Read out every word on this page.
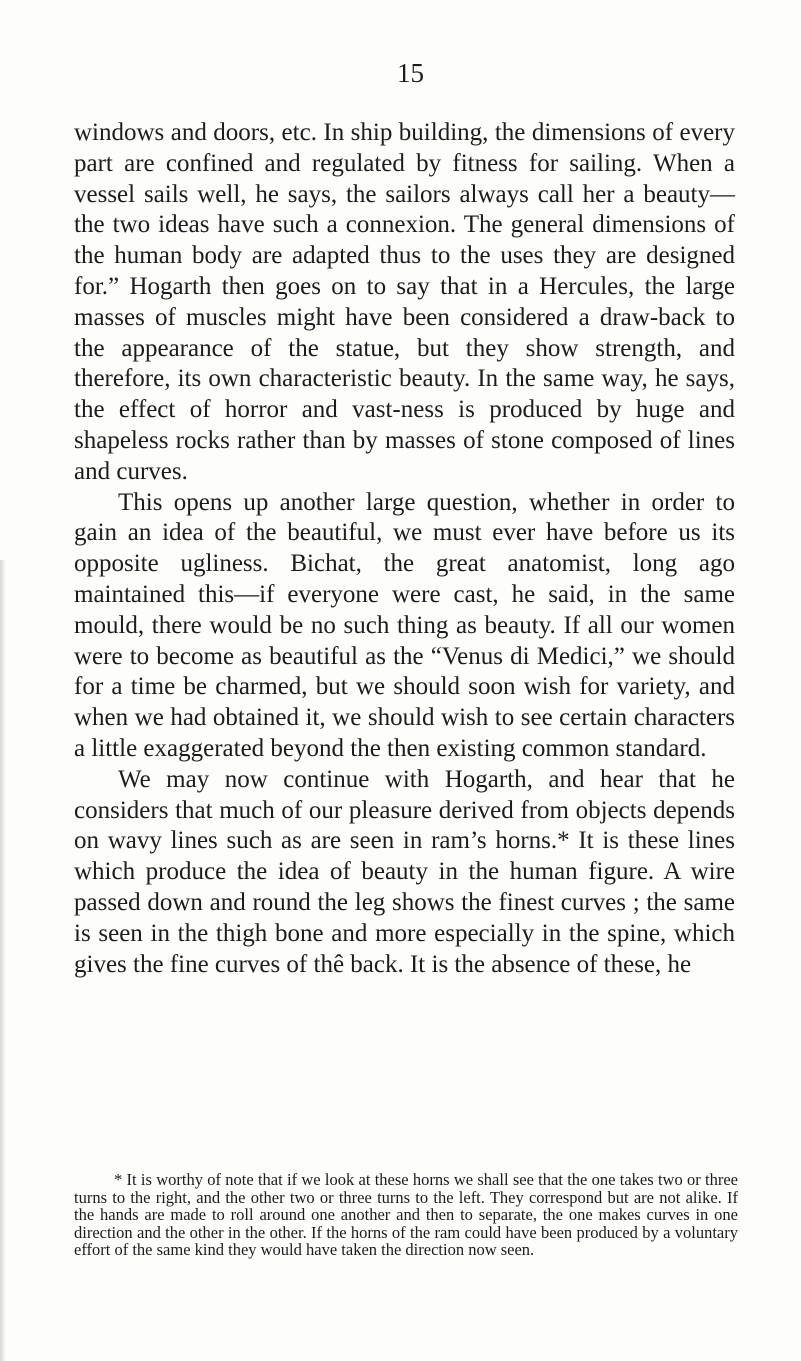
15

windows and doors, etc. In ship building, the dimensions of every part are confined and regulated by fitness for sailing. When a vessel sails well, he says, the sailors always call her a beauty—the two ideas have such a connexion. The general dimensions of the human body are adapted thus to the uses they are designed for.” Hogarth then goes on to say that in a Hercules, the large masses of muscles might have been considered a draw-back to the appearance of the statue, but they show strength, and therefore, its own characteristic beauty. In the same way, he says, the effect of horror and vast-ness is produced by huge and shapeless rocks rather than by masses of stone composed of lines and curves.

This opens up another large question, whether in order to gain an idea of the beautiful, we must ever have before us its opposite ugliness. Bichat, the great anatomist, long ago maintained this—if everyone were cast, he said, in the same mould, there would be no such thing as beauty. If all our women were to become as beautiful as the “Venus di Medici,” we should for a time be charmed, but we should soon wish for variety, and when we had obtained it, we should wish to see certain characters a little exaggerated beyond the then existing common standard.

We may now continue with Hogarth, and hear that he considers that much of our pleasure derived from objects depends on wavy lines such as are seen in ram’s horns.* It is these lines which produce the idea of beauty in the human figure. A wire passed down and round the leg shows the finest curves ; the same is seen in the thigh bone and more especially in the spine, which gives the fine curves of thê back. It is the absence of these, he

* It is worthy of note that if we look at these horns we shall see that the one takes two or three turns to the right, and the other two or three turns to the left. They correspond but are not alike. If the hands are made to roll around one another and then to separate, the one makes curves in one direction and the other in the other. If the horns of the ram could have been produced by a voluntary effort of the same kind they would have taken the direction now seen.
